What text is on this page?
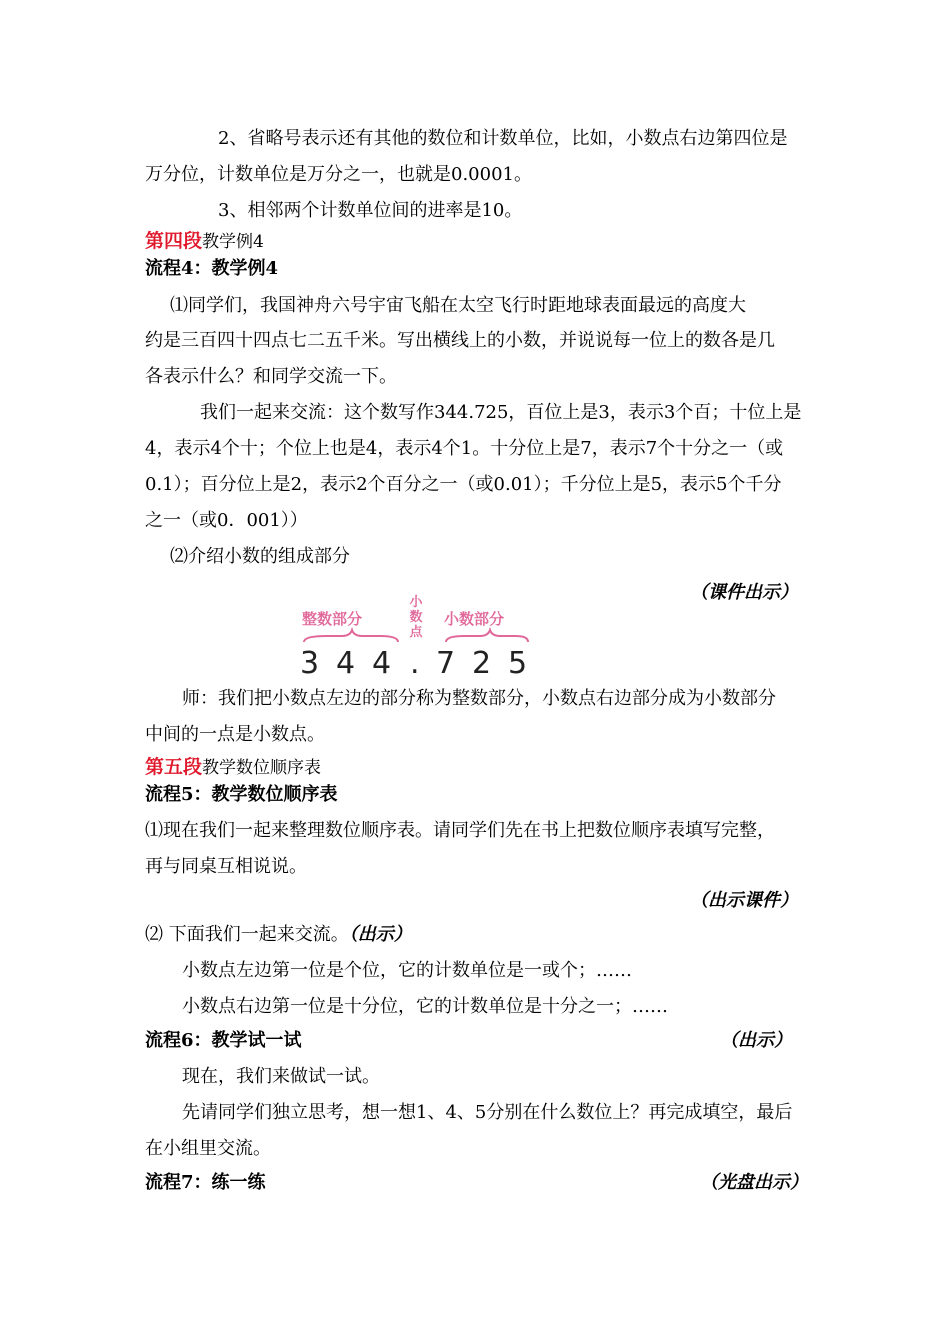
2、省略号表示还有其他的数位和计数单位，比如，小数点右边第四位是
万分位，计数单位是万分之一，也就是0.0001。
3、相邻两个计数单位间的进率是10。
第四段教学例4
流程4：教学例4
⑴同学们，我国神舟六号宇宙飞船在太空飞行时距地球表面最远的高度大
约是三百四十四点七二五千米。写出横线上的小数，并说说每一位上的数各是几
各表示什么？和同学交流一下。
我们一起来交流：这个数写作344.725，百位上是3，表示3个百；十位上是
4，表示4个十；个位上也是4，表示4个1。十分位上是7，表示7个十分之一（或
0.1）；百分位上是2，表示2个百分之一（或0.01）；千分位上是5，表示5个千分
之一（或0．001））
⑵介绍小数的组成部分
（课件出示）
整数部分
小
数
点
小数部分
3 4 4 . 7 2 5
师：我们把小数点左边的部分称为整数部分，小数点右边部分成为小数部分
中间的一点是小数点。
第五段教学数位顺序表
流程5：教学数位顺序表
⑴现在我们一起来整理数位顺序表。请同学们先在书上把数位顺序表填写完整，
再与同桌互相说说。
（出示课件）
⑵ 下面我们一起来交流。（出示）
小数点左边第一位是个位，它的计数单位是一或个；……
小数点右边第一位是十分位，它的计数单位是十分之一；……
流程6：教学试一试	（出示）
现在，我们来做试一试。
先请同学们独立思考，想一想1、4、5分别在什么数位上？再完成填空，最后
在小组里交流。
流程7：练一练	（光盘出示）
